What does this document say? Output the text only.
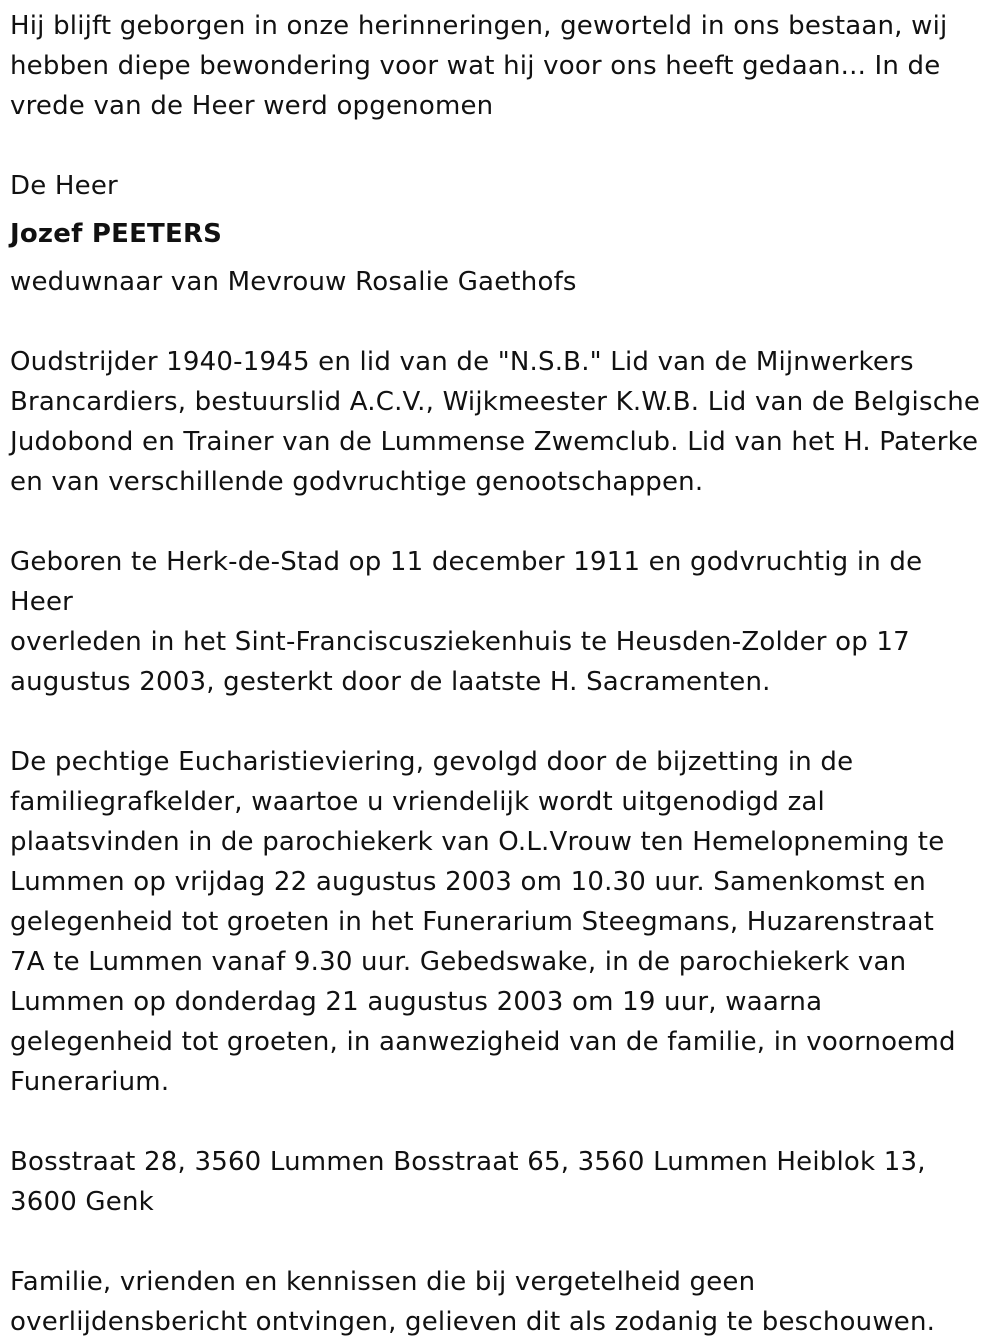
Hij blijft geborgen in onze herinneringen, geworteld in ons bestaan, wij
hebben diepe bewondering voor wat hij voor ons heeft gedaan... In de
vrede van de Heer werd opgenomen

De Heer

Jozef PEETERS

weduwnaar van Mevrouw Rosalie Gaethofs

Oudstrijder 1940-1945 en lid van de "N.S.B." Lid van de Mijnwerkers
Brancardiers, bestuurslid A.C.V., Wijkmeester K.W.B. Lid van de Belgische
Judobond en Trainer van de Lummense Zwemclub. Lid van het H. Paterke
en van verschillende godvruchtige genootschappen.

Geboren te Herk-de-Stad op 11 december 1911 en godvruchtig in de Heer
overleden in het Sint-Franciscusziekenhuis te Heusden-Zolder op 17
augustus 2003, gesterkt door de laatste H. Sacramenten.

De pechtige Eucharistieviering, gevolgd door de bijzetting in de
familiegrafkelder, waartoe u vriendelijk wordt uitgenodigd zal
plaatsvinden in de parochiekerk van O.L.Vrouw ten Hemelopneming te
Lummen op vrijdag 22 augustus 2003 om 10.30 uur. Samenkomst en
gelegenheid tot groeten in het Funerarium Steegmans, Huzarenstraat
7A te Lummen vanaf 9.30 uur. Gebedswake, in de parochiekerk van
Lummen op donderdag 21 augustus 2003 om 19 uur, waarna
gelegenheid tot groeten, in aanwezigheid van de familie, in voornoemd
Funerarium.

Bosstraat 28, 3560 Lummen Bosstraat 65, 3560 Lummen Heiblok 13,
3600 Genk

Familie, vrienden en kennissen die bij vergetelheid geen
overlijdensbericht ontvingen, gelieven dit als zodanig te beschouwen.
